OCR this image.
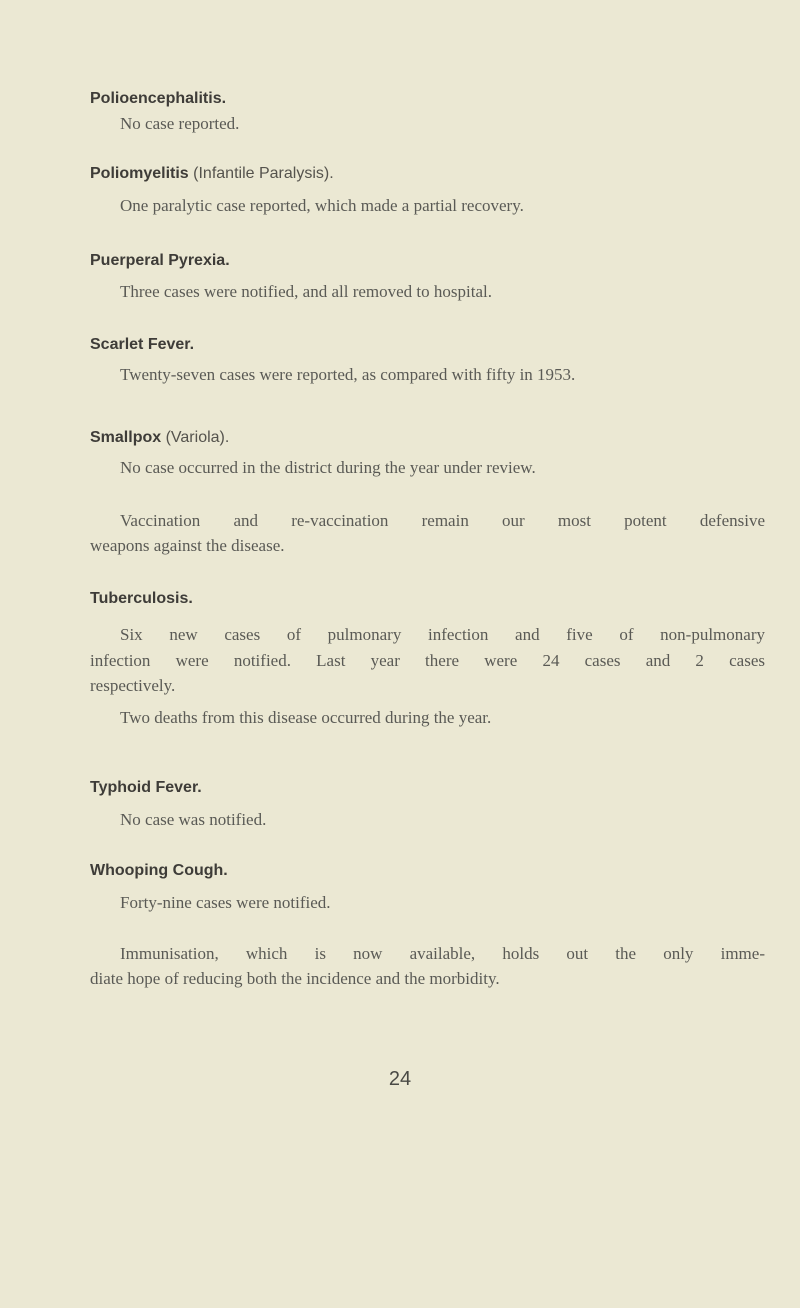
Polioencephalitis.
No case reported.
Poliomyelitis (Infantile Paralysis).
One paralytic case reported, which made a partial recovery.
Puerperal Pyrexia.
Three cases were notified, and all removed to hospital.
Scarlet Fever.
Twenty-seven cases were reported, as compared with fifty in 1953.
Smallpox (Variola).
No case occurred in the district during the year under review.
Vaccination and re-vaccination remain our most potent defensive
weapons against the disease.
Tuberculosis.
Six new cases of pulmonary infection and five of non-pulmonary
infection were notified. Last year there were 24 cases and 2 cases
respectively.
Two deaths from this disease occurred during the year.
Typhoid Fever.
No case was notified.
Whooping Cough.
Forty-nine cases were notified.
Immunisation, which is now available, holds out the only imme-
diate hope of reducing both the incidence and the morbidity.
24
